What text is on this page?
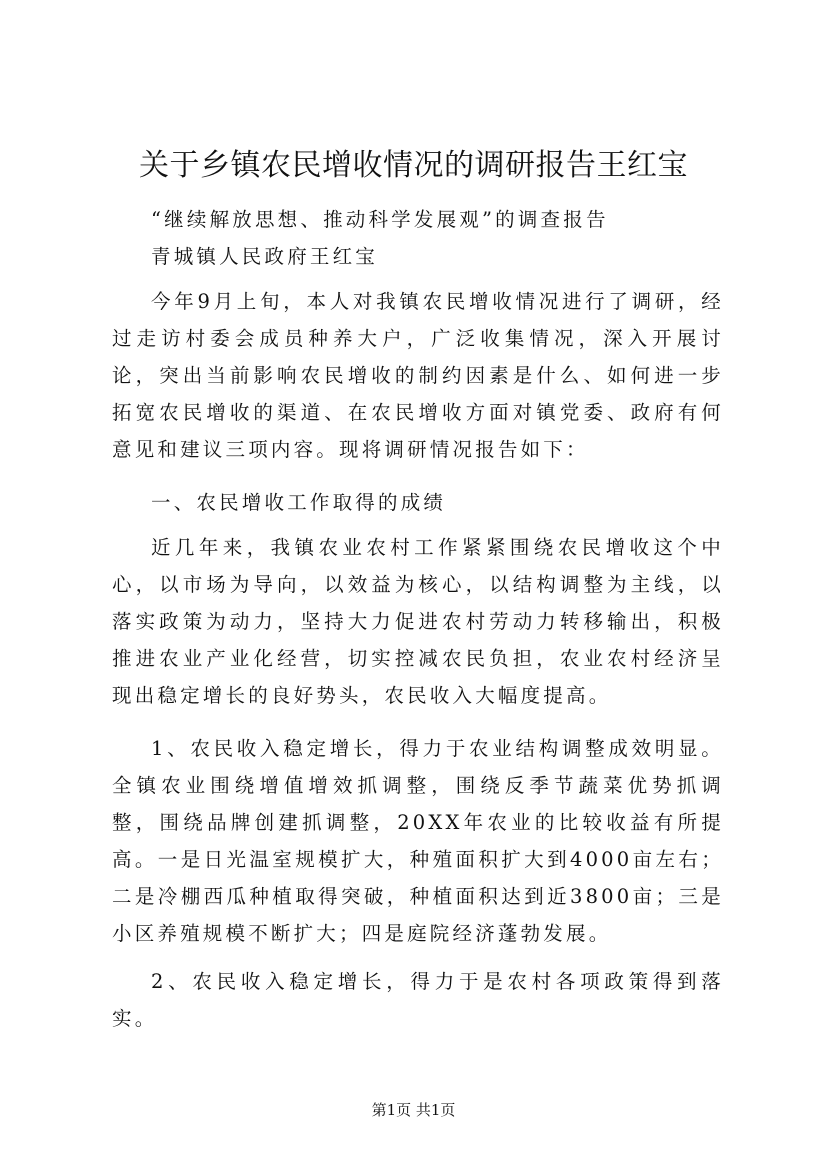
关于乡镇农民增收情况的调研报告王红宝

“继续解放思想、推动科学发展观”的调查报告

青城镇人民政府王红宝

今年9月上旬，本人对我镇农民增收情况进行了调研，经过走访村委会成员种养大户，广泛收集情况，深入开展讨论，突出当前影响农民增收的制约因素是什么、如何进一步拓宽农民增收的渠道、在农民增收方面对镇党委、政府有何意见和建议三项内容。现将调研情况报告如下：

一、农民增收工作取得的成绩

近几年来，我镇农业农村工作紧紧围绕农民增收这个中心，以市场为导向，以效益为核心，以结构调整为主线，以落实政策为动力，坚持大力促进农村劳动力转移输出，积极推进农业产业化经营，切实控减农民负担，农业农村经济呈现出稳定增长的良好势头，农民收入大幅度提高。

1、农民收入稳定增长，得力于农业结构调整成效明显。全镇农业围绕增值增效抓调整，围绕反季节蔬菜优势抓调整，围绕品牌创建抓调整，20XX年农业的比较收益有所提高。一是日光温室规模扩大，种殖面积扩大到4000亩左右；二是冷棚西瓜种植取得突破，种植面积达到近3800亩；三是小区养殖规模不断扩大；四是庭院经济蓬勃发展。

2、农民收入稳定增长，得力于是农村各项政策得到落实。

第1页 共1页
